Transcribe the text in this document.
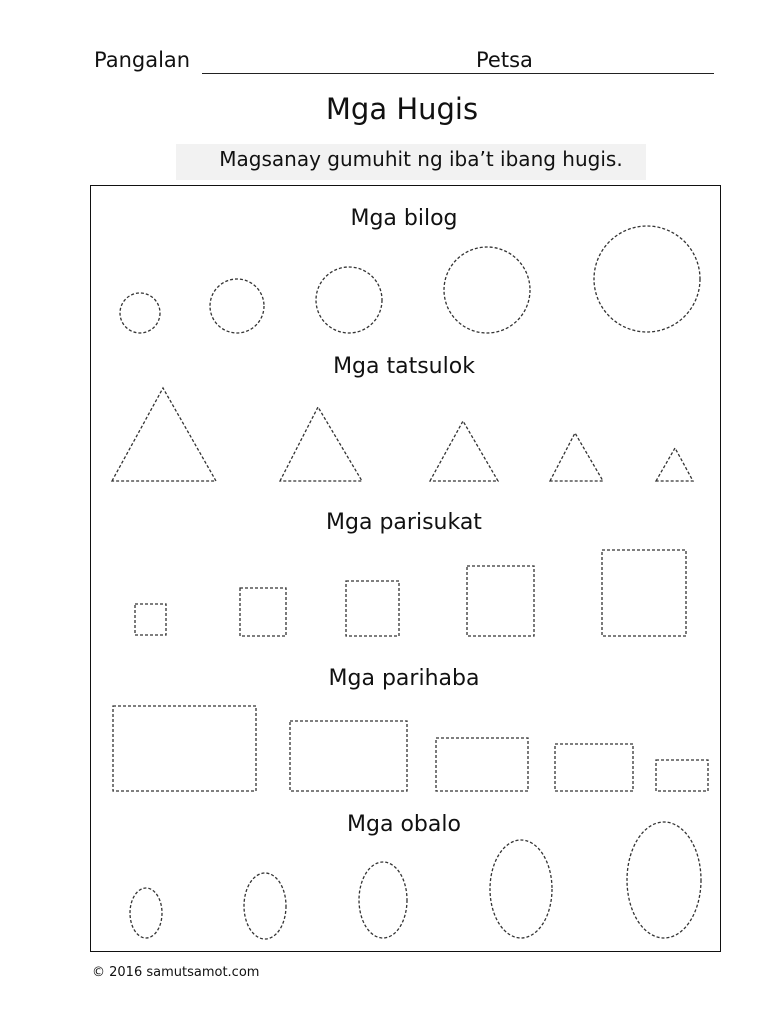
Pangalan	Petsa
Mga Hugis
Magsanay gumuhit ng iba’t ibang hugis.
Mga bilog
Mga tatsulok
Mga parisukat
Mga parihaba
Mga obalo
© 2016 samutsamot.com
